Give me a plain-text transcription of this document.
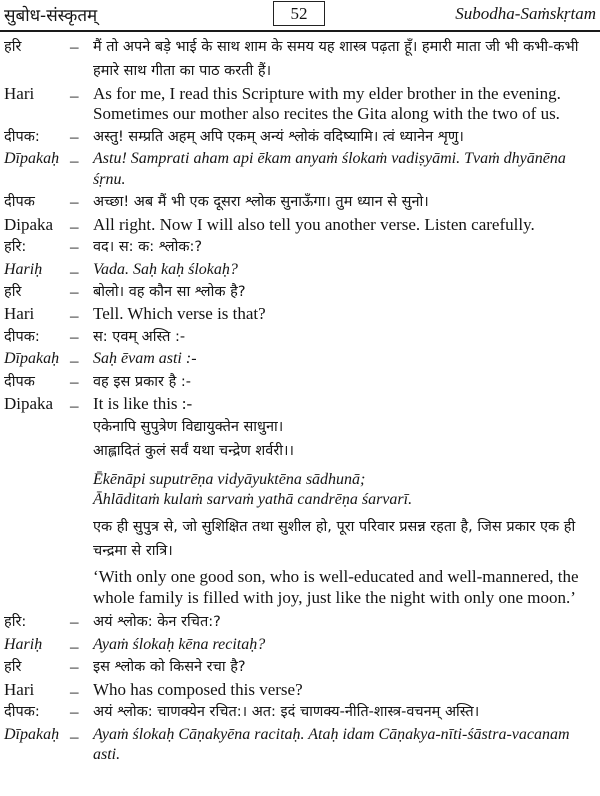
सुबोध-संस्कृतम्	52	Subodha-Saṁskṛtam
हरि	– मैं तो अपने बड़े भाई के साथ शाम के समय यह शास्त्र पढ़ता हूँ। हमारी माता जी भी कभी-कभी हमारे साथ गीता का पाठ करती हैं।
Hari – As for me, I read this Scripture with my elder brother in the evening. Sometimes our mother also recites the Gita along with the two of us.
दीपक: – अस्तु! सम्प्रति अहम् अपि एकम् अन्यं श्लोकं वदिष्यामि। त्वं ध्यानेन शृणु।
Dīpakaḥ – Astu! Samprati aham api ēkam anyaṁ ślokaṁ vadiṣyāmi. Tvaṁ dhyānēna śṛnu.
दीपक – अच्छा! अब मैं भी एक दूसरा श्लोक सुनाऊँगा। तुम ध्यान से सुनो।
Dipaka – All right. Now I will also tell you another verse. Listen carefully.
हरि:	– वद। स: क: श्लोक:?
Hariḥ – Vada. Saḥ kaḥ ślokaḥ?
हरि	– बोलो। वह कौन सा श्लोक है?
Hari – Tell. Which verse is that?
दीपक: – स: एवम् अस्ति :-
Dīpakaḥ – Saḥ ēvam asti :-
दीपक – वह इस प्रकार है :-
Dipaka – It is like this :-
एकेनापि सुपुत्रेण विद्यायुक्तेन साधुना।
आह्लादितं कुलं सर्वं यथा चन्द्रेण शर्वरी।।
Ēkēnāpi suputrēṇa vidyāyuktēna sādhunā;
Āhlāditaṁ kulaṁ sarvaṁ yathā candrēṇa śarvarī.
एक ही सुपुत्र से, जो सुशिक्षित तथा सुशील हो, पूरा परिवार प्रसन्न रहता है, जिस प्रकार एक ही चन्द्रमा से रात्रि।
‘With only one good son, who is well-educated and well-mannered, the whole family is filled with joy, just like the night with only one moon.’
हरि:	– अयं श्लोक: केन रचित:?
Hariḥ – Ayaṁ ślokaḥ kēna recitaḥ?
हरि	– इस श्लोक को किसने रचा है?
Hari – Who has composed this verse?
दीपक: – अयं श्लोक: चाणक्येन रचित:। अत: इदं चाणक्य-नीति-शास्त्र-वचनम् अस्ति।
Dīpakaḥ – Ayaṁ ślokaḥ Cāṇakyēna racitaḥ. Ataḥ idam Cāṇakya-nīti-śāstra-vacanam asti.
